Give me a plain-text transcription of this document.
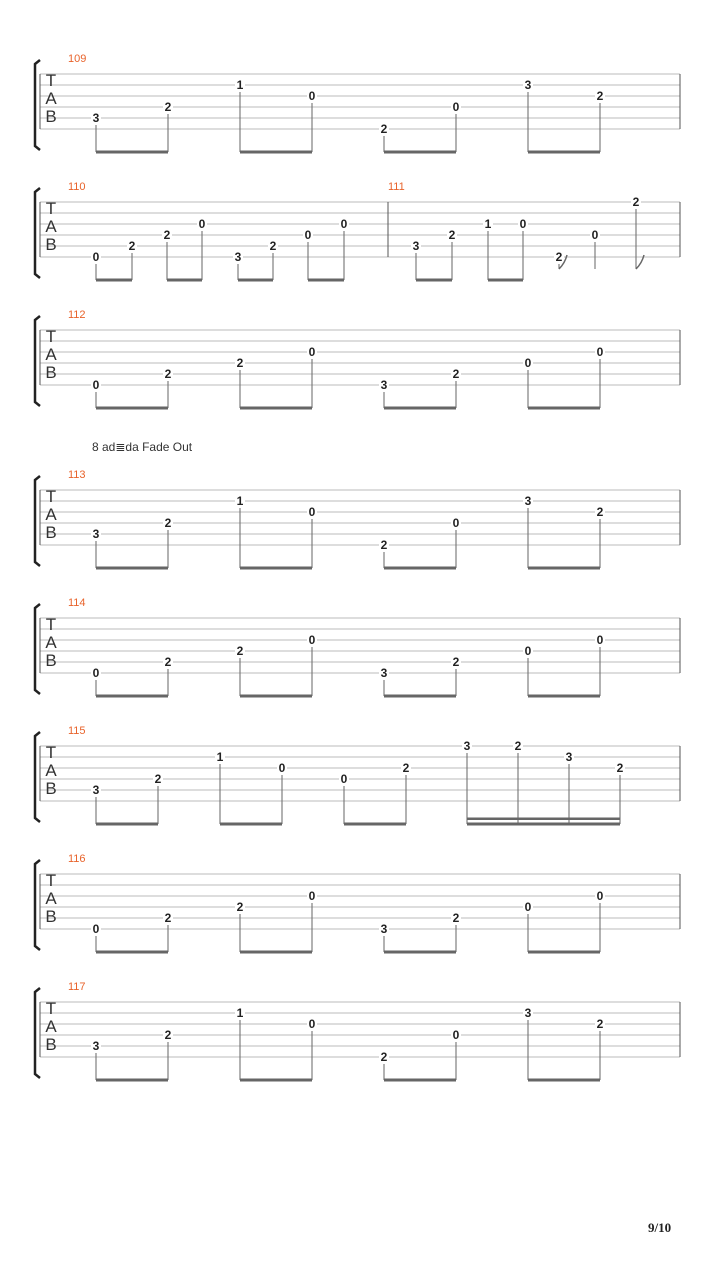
T
A
B
109
3
2
1
0
2
0
3
2
T
A
B
110
0
2
2
0
3
2
0
0
111
3
2
1 0
2
0
2
T
A
B
112
0
2
2
0
3
2
0
0
T
A
B
113
3
2
1
0
2
0
3
2
T
A
B
114
0
2
2
0
3
2
0
0
T
A
B
115
3
2
1
0
0
2
3	2
3
2
T
A
B
116
0
2
2
0
3
2
0
0
T
A
B
117
3
2
1
0
2
0
3
2
8 ad≣da Fade Out
9/10
